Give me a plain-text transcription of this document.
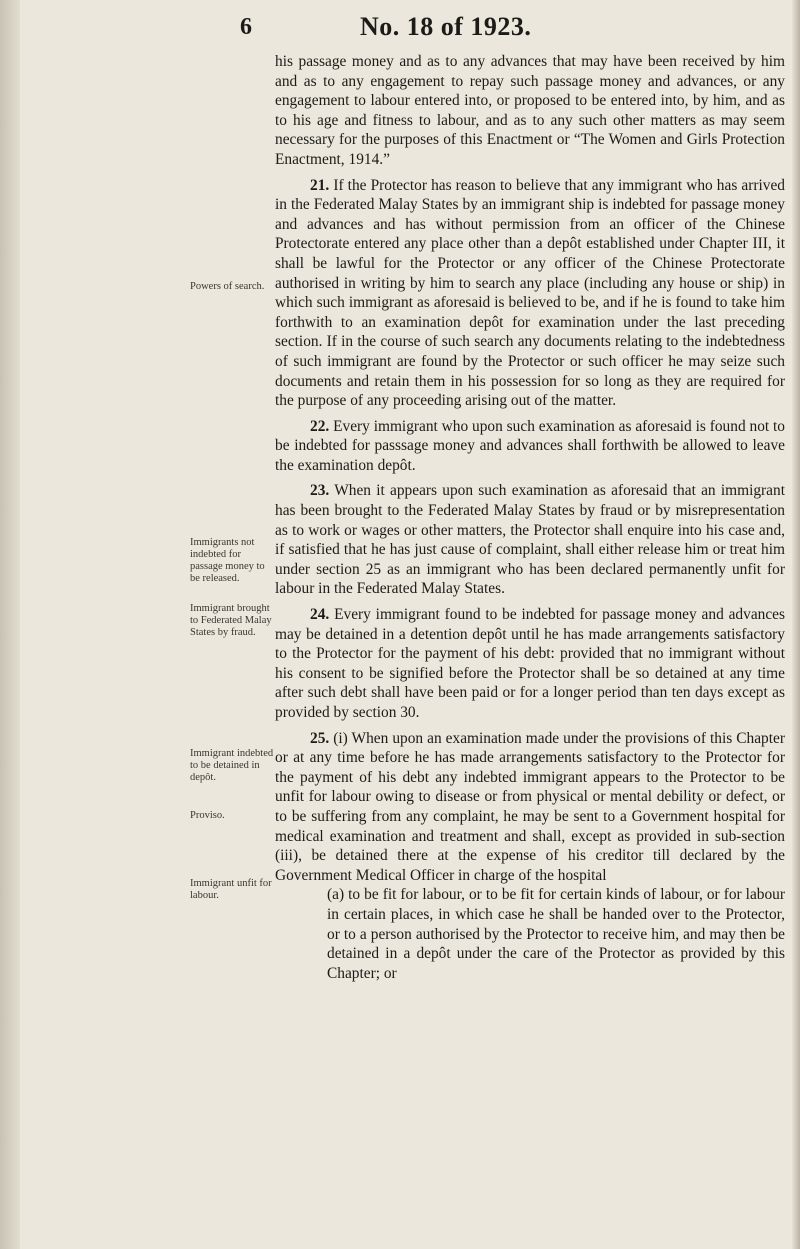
6	No. 18 of 1923.
Powers of search.
Immigrants not indebted for passage money to be released.
Immigrant brought to Federated Malay States by fraud.
Immigrant indebted to be detained in depôt.
Proviso.
Immigrant unfit for labour.

his passage money and as to any advances that may have been received by him and as to any engagement to repay such passage money and advances, or any engagement to labour entered into, or proposed to be entered into, by him, and as to his age and fitness to labour, and as to any such other matters as may seem necessary for the purposes of this Enactment or “The Women and Girls Protection Enactment, 1914.”

21. If the Protector has reason to believe that any immigrant who has arrived in the Federated Malay States by an immigrant ship is indebted for passage money and advances and has without permission from an officer of the Chinese Protectorate entered any place other than a depôt established under Chapter III, it shall be lawful for the Protector or any officer of the Chinese Protectorate authorised in writing by him to search any place (including any house or ship) in which such immigrant as aforesaid is believed to be, and if he is found to take him forthwith to an examination depôt for examination under the last preceding section. If in the course of such search any documents relating to the indebtedness of such immigrant are found by the Protector or such officer he may seize such documents and retain them in his possession for so long as they are required for the purpose of any proceeding arising out of the matter.

22. Every immigrant who upon such examination as aforesaid is found not to be indebted for passsage money and advances shall forthwith be allowed to leave the examination depôt.

23. When it appears upon such examination as aforesaid that an immigrant has been brought to the Federated Malay States by fraud or by misrepresentation as to work or wages or other matters, the Protector shall enquire into his case and, if satisfied that he has just cause of complaint, shall either release him or treat him under section 25 as an immigrant who has been declared permanently unfit for labour in the Federated Malay States.

24. Every immigrant found to be indebted for passage money and advances may be detained in a detention depôt until he has made arrangements satisfactory to the Protector for the payment of his debt: provided that no immigrant without his consent to be signified before the Protector shall be so detained at any time after such debt shall have been paid or for a longer period than ten days except as provided by section 30.

25. (i) When upon an examination made under the provisions of this Chapter or at any time before he has made arrangements satisfactory to the Protector for the payment of his debt any indebted immigrant appears to the Protector to be unfit for labour owing to disease or from physical or mental debility or defect, or to be suffering from any complaint, he may be sent to a Government hospital for medical examination and treatment and shall, except as provided in sub-section (iii), be detained there at the expense of his creditor till declared by the Government Medical Officer in charge of the hospital

(a) to be fit for labour, or to be fit for certain kinds of labour, or for labour in certain places, in which case he shall be handed over to the Protector, or to a person authorised by the Protector to receive him, and may then be detained in a depôt under the care of the Protector as provided by this Chapter; or
